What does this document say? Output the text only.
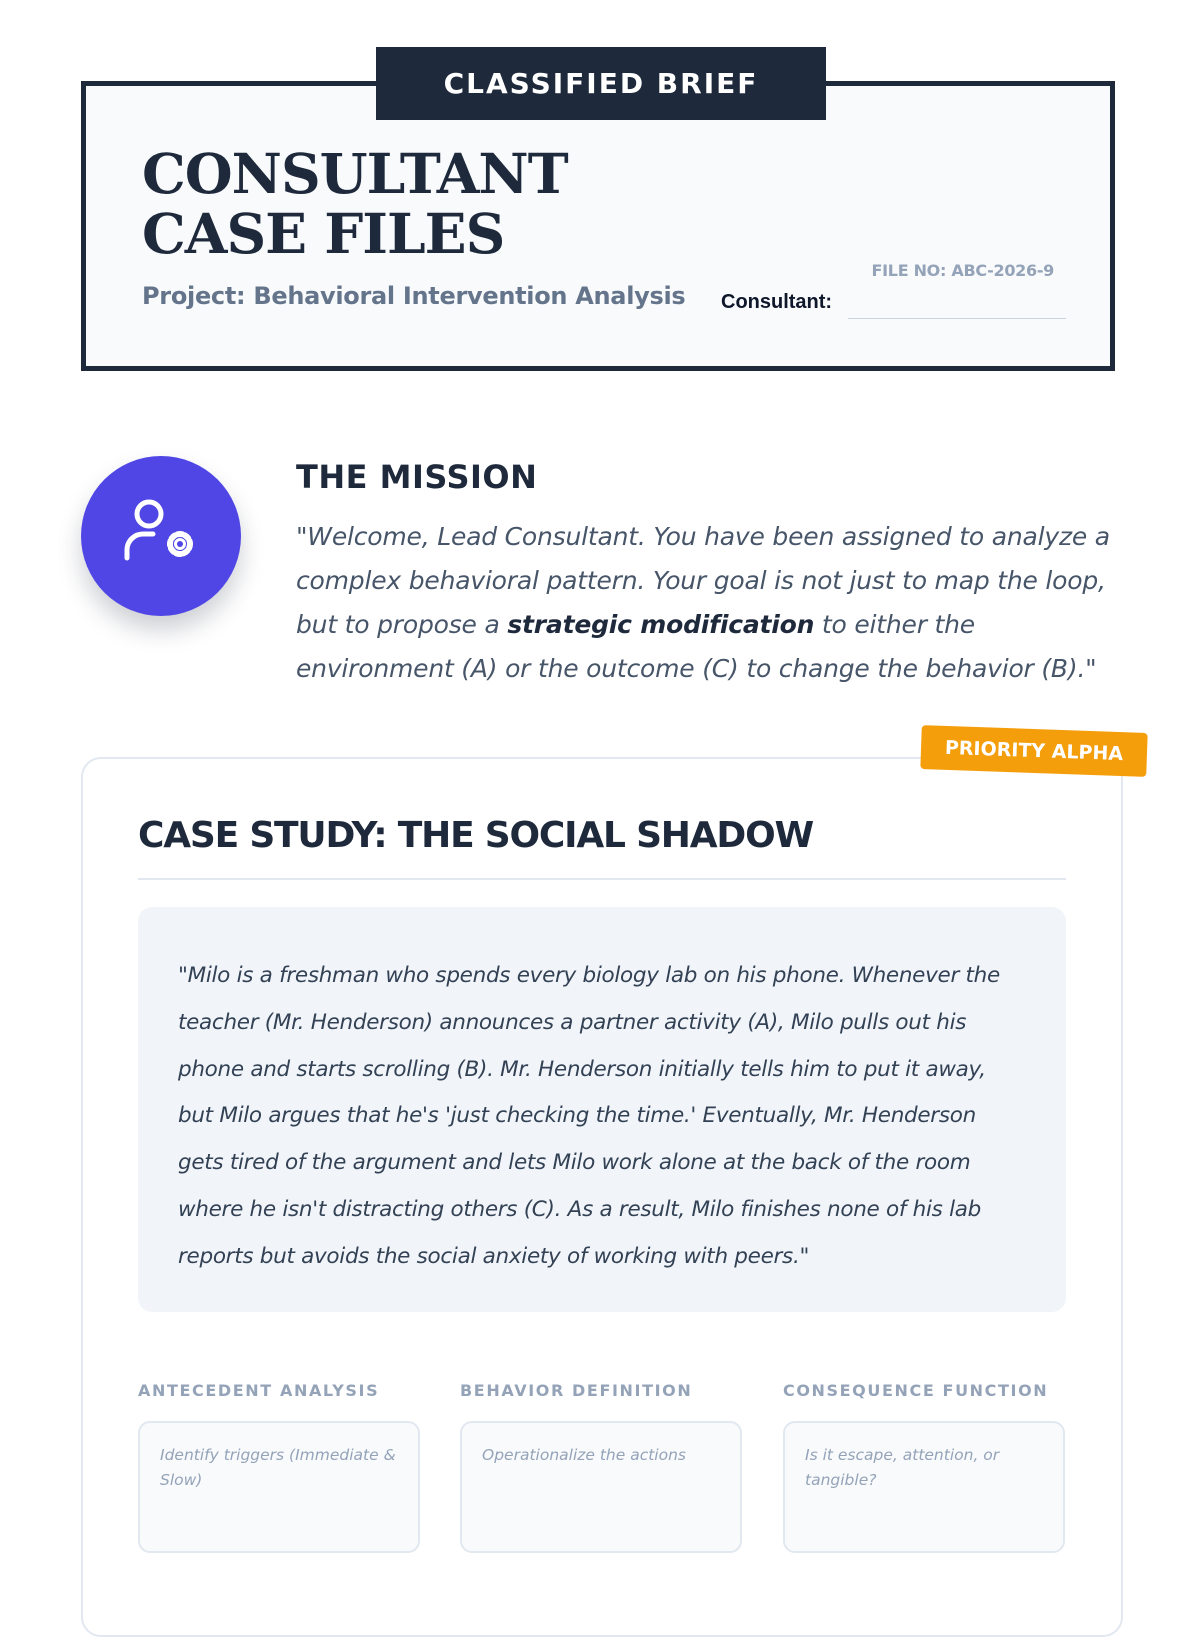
CONSULTANT
CASE FILES
Project: Behavioral Intervention Analysis
FILE NO: ABC-2026-9
Consultant:
CLASSIFIED BRIEF
THE MISSION

"Welcome, Lead Consultant. You have been assigned to analyze a complex behavioral pattern. Your goal is not just to map the loop, but to propose a strategic modification to either the environment (A) or the outcome (C) to change the behavior (B)."

PRIORITY ALPHA
CASE STUDY: THE SOCIAL SHADOW

"Milo is a freshman who spends every biology lab on his phone. Whenever the teacher (Mr. Henderson) announces a partner activity (A), Milo pulls out his phone and starts scrolling (B). Mr. Henderson initially tells him to put it away, but Milo argues that he's 'just checking the time.' Eventually, Mr. Henderson gets tired of the argument and lets Milo work alone at the back of the room where he isn't distracting others (C). As a result, Milo finishes none of his lab reports but avoids the social anxiety of working with peers."

ANTECEDENT ANALYSIS	BEHAVIOR DEFINITION	CONSEQUENCE FUNCTION
Identify triggers (Immediate & Slow)
Operationalize the actions
Is it escape, attention, or tangible?
